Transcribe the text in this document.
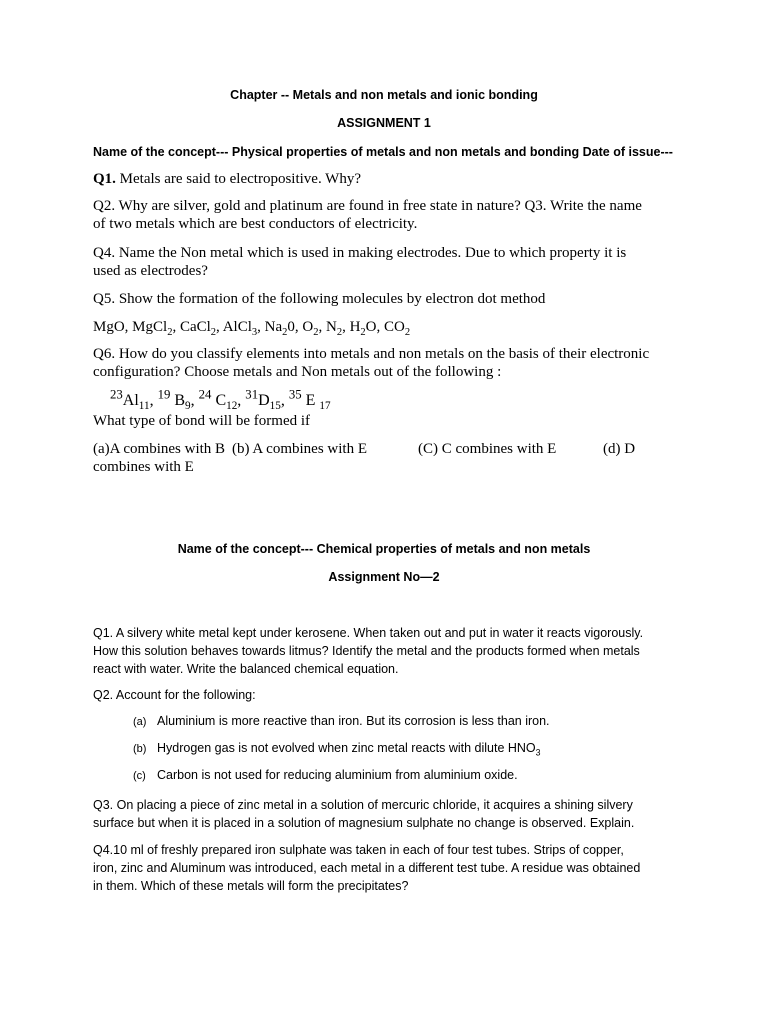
Chapter -- Metals and non metals and ionic bonding
ASSIGNMENT 1
Name of the concept--- Physical properties of metals and non metals and bonding Date of issue---
Q1. Metals are said to electropositive. Why?
Q2. Why are silver, gold and platinum are found in free state in nature? Q3. Write the name
of two metals which are best conductors of electricity.
Q4. Name the Non metal which is used in making electrodes. Due to which property it is
used as electrodes?
Q5. Show the formation of the following molecules by electron dot method
MgO, MgCl$_2$, CaCl$_2$, AlCl$_3$, $Na_20$, $O_2$, $N_2$, $H_2O$, $CO_2$
Q6. How do you classify elements into metals and non metals on the basis of their electronic
configuration? Choose metals and Non metals out of the following :
$^{23}Al_{11}$, $^{19}$ $B_9$, $^{24}$ $C_{12}$, $^{31}D_{15}$, $^{35}$ E $_{17}$
What type of bond will be formed if
(a)A combines with B (b) A combines with E	(C) C combines with E	(d) D
combines with E
Name of the concept--- Chemical properties of metals and non metals
Assignment No—2
Q1. A silvery white metal kept under kerosene. When taken out and put in water it reacts vigorously.
How this solution behaves towards litmus? Identify the metal and the products formed when metals
react with water. Write the balanced chemical equation.
Q2. Account for the following:
(a) Aluminium is more reactive than iron. But its corrosion is less than iron.
(b) Hydrogen gas is not evolved when zinc metal reacts with dilute $HNO_3$
(c) Carbon is not used for reducing aluminium from aluminium oxide.
Q3. On placing a piece of zinc metal in a solution of mercuric chloride, it acquires a shining silvery
surface but when it is placed in a solution of magnesium sulphate no change is observed. Explain.
Q4.10 ml of freshly prepared iron sulphate was taken in each of four test tubes. Strips of copper,
iron, zinc and Aluminum was introduced, each metal in a different test tube. A residue was obtained
in them. Which of these metals will form the precipitates?
